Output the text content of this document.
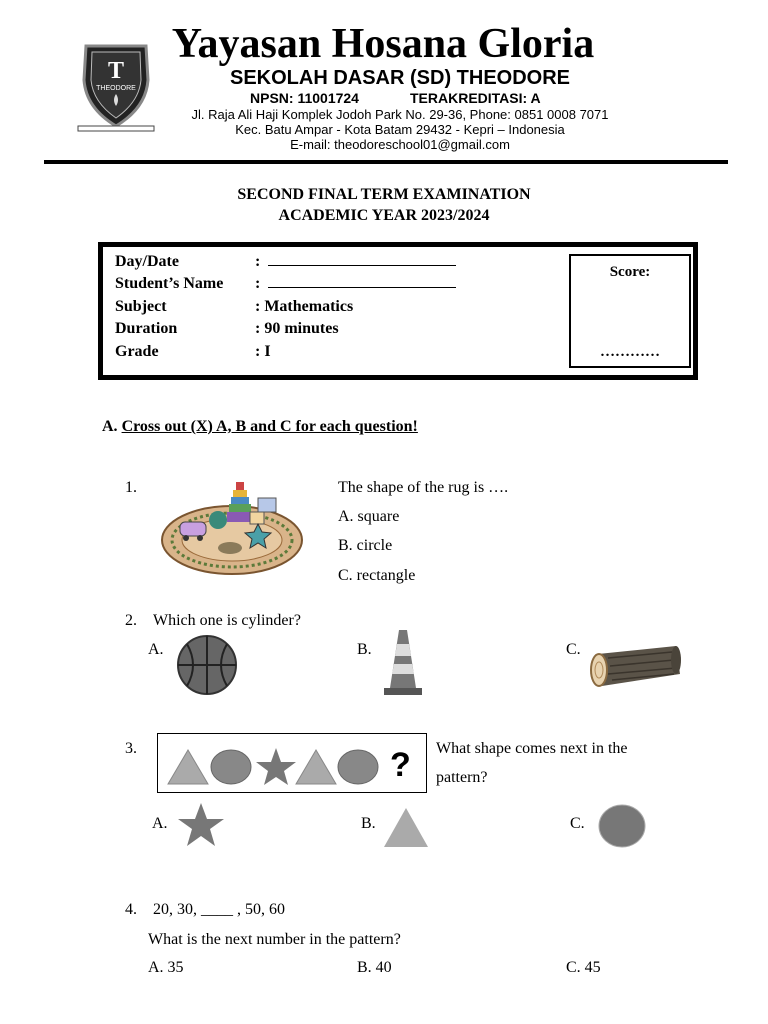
T
THEODORE
Yayasan Hosana Gloria
SEKOLAH DASAR (SD) THEODORE
NPSN: 11001724	TERAKREDITASI: A
Jl. Raja Ali Haji Komplek Jodoh Park No. 29-36, Phone: 0851 0008 7071
Kec. Batu Ampar - Kota Batam 29432 - Kepri – Indonesia
E-mail: theodoreschool01@gmail.com
SECOND FINAL TERM EXAMINATION
ACADEMIC YEAR 2023/2024
Day/Date	:
Student’s Name :
Subject	: Mathematics
Duration	: 90 minutes
Grade	: I
Score:
…………
A. Cross out (X) A, B and C for each question!
1.	The shape of the rug is ….
A. square
B. circle
C. rectangle
2. Which one is cylinder?
A.	B.	C.
3.	? What shape comes next in the
pattern?
A.	B.	C.
4. 20, 30, ____ , 50, 60
What is the next number in the pattern?
A. 35	B. 40	C. 45
